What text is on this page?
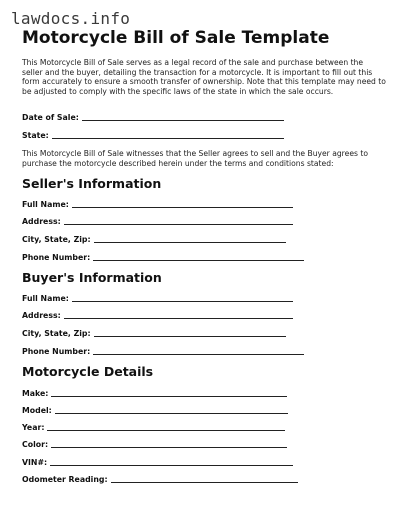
lawdocs.info
Motorcycle Bill of Sale Template
This Motorcycle Bill of Sale serves as a legal record of the sale and purchase between the seller and the buyer, detailing the transaction for a motorcycle. It is important to fill out this form accurately to ensure a smooth transfer of ownership. Note that this template may need to be adjusted to comply with the specific laws of the state in which the sale occurs.
Date of Sale:
State:
This Motorcycle Bill of Sale witnesses that the Seller agrees to sell and the Buyer agrees to purchase the motorcycle described herein under the terms and conditions stated:
Seller's Information
Full Name:
Address:
City, State, Zip:
Phone Number:
Buyer's Information
Full Name:
Address:
City, State, Zip:
Phone Number:
Motorcycle Details
Make:
Model:
Year:
Color:
VIN#:
Odometer Reading:
